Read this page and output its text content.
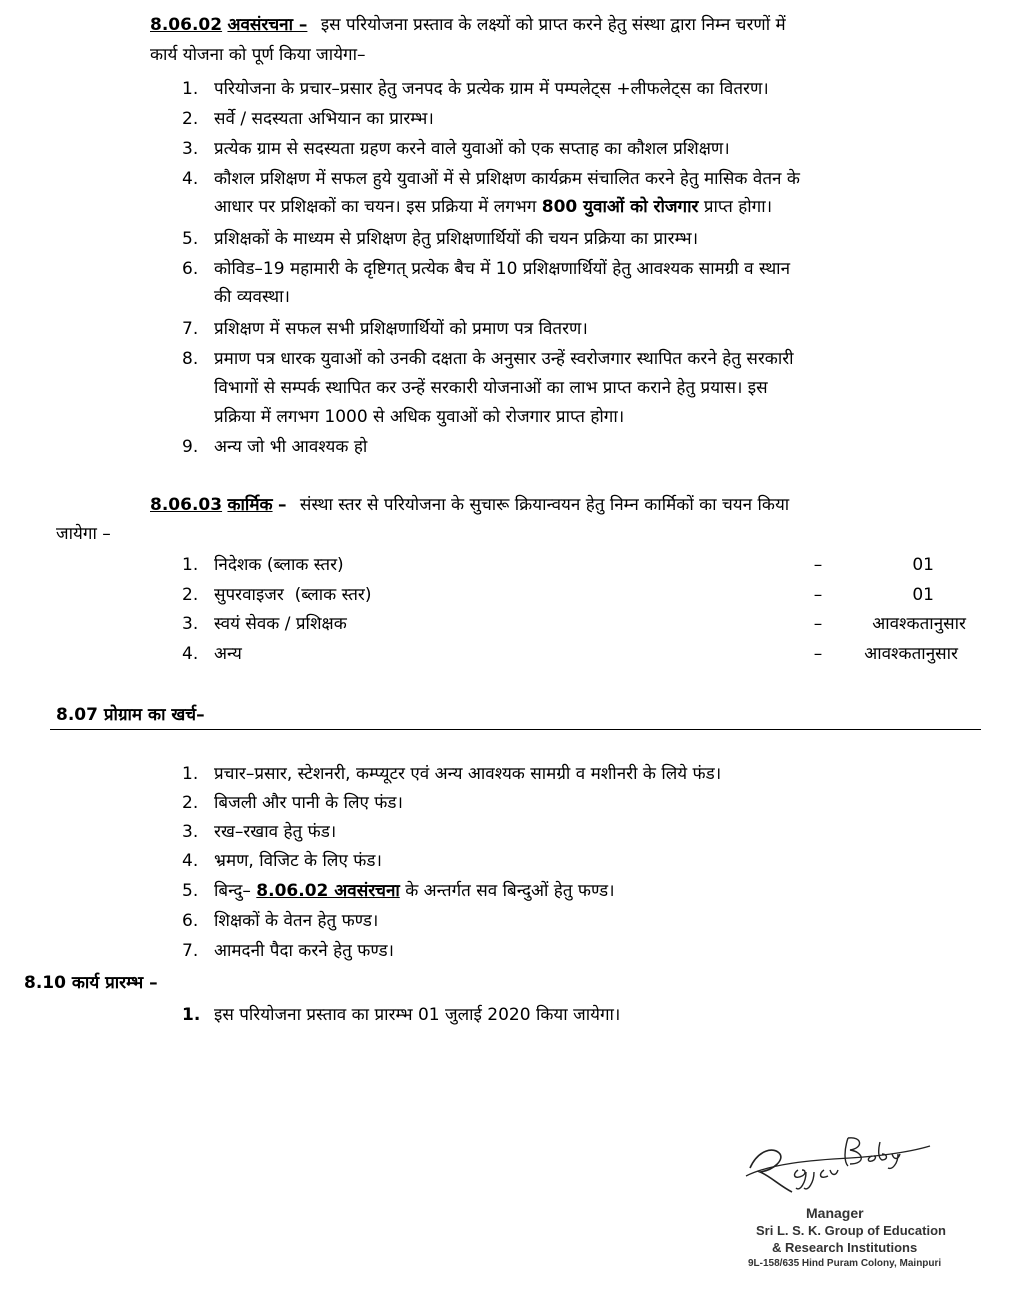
8.06.02 अवसंरचना – इस परियोजना प्रस्ताव के लक्ष्यों को प्राप्त करने हेतु संस्था द्वारा निम्न चरणों में
कार्य योजना को पूर्ण किया जायेगा–
1. परियोजना के प्रचार–प्रसार हेतु जनपद के प्रत्येक ग्राम में पम्पलेट्स +लीफलेट्स का वितरण।
2. सर्वे / सदस्यता अभियान का प्रारम्भ।
3. प्रत्येक ग्राम से सदस्यता ग्रहण करने वाले युवाओं को एक सप्ताह का कौशल प्रशिक्षण।
4. कौशल प्रशिक्षण में सफल हुये युवाओं में से प्रशिक्षण कार्यक्रम संचालित करने हेतु मासिक वेतन के
आधार पर प्रशिक्षकों का चयन। इस प्रक्रिया में लगभग 800 युवाओं को रोजगार प्राप्त होगा।
5. प्रशिक्षकों के माध्यम से प्रशिक्षण हेतु प्रशिक्षणार्थियों की चयन प्रक्रिया का प्रारम्भ।
6. कोविड–19 महामारी के दृष्टिगत् प्रत्येक बैच में 10 प्रशिक्षणार्थियों हेतु आवश्यक सामग्री व स्थान
की व्यवस्था।
7. प्रशिक्षण में सफल सभी प्रशिक्षणार्थियों को प्रमाण पत्र वितरण।
8. प्रमाण पत्र धारक युवाओं को उनकी दक्षता के अनुसार उन्हें स्वरोजगार स्थापित करने हेतु सरकारी
विभागों से सम्पर्क स्थापित कर उन्हें सरकारी योजनाओं का लाभ प्राप्त कराने हेतु प्रयास। इस
प्रक्रिया में लगभग 1000 से अधिक युवाओं को रोजगार प्राप्त होगा।
9. अन्य जो भी आवश्यक हो
8.06.03 कार्मिक – संस्था स्तर से परियोजना के सुचारू क्रियान्वयन हेतु निम्न कार्मिकों का चयन किया
जायेगा –
1. निदेशक (ब्लाक स्तर)	–	01
2. सुपरवाइजर  (ब्लाक स्तर)	–	01
3. स्वयं सेवक / प्रशिक्षक	–	आवश्कतानुसार
4. अन्य	–	आवश्कतानुसार
8.07 प्रोग्राम का खर्च–
1. प्रचार–प्रसार, स्टेशनरी, कम्प्यूटर एवं अन्य आवश्यक सामग्री व मशीनरी के लिये फंड।
2. बिजली और पानी के लिए फंड।
3. रख–रखाव हेतु फंड।
4. भ्रमण, विजिट के लिए फंड।
5. बिन्दु– 8.06.02 अवसंरचना के अन्तर्गत सव बिन्दुओं हेतु फण्ड।
6. शिक्षकों के वेतन हेतु फण्ड।
7. आमदनी पैदा करने हेतु फण्ड।
8.10 कार्य प्रारम्भ –
1. इस परियोजना प्रस्ताव का प्रारम्भ 01 जुलाई 2020 किया जायेगा।
Manager
Sri L. S. K. Group of Education
& Research Institutions
9L-158/635 Hind Puram Colony, Mainpuri
